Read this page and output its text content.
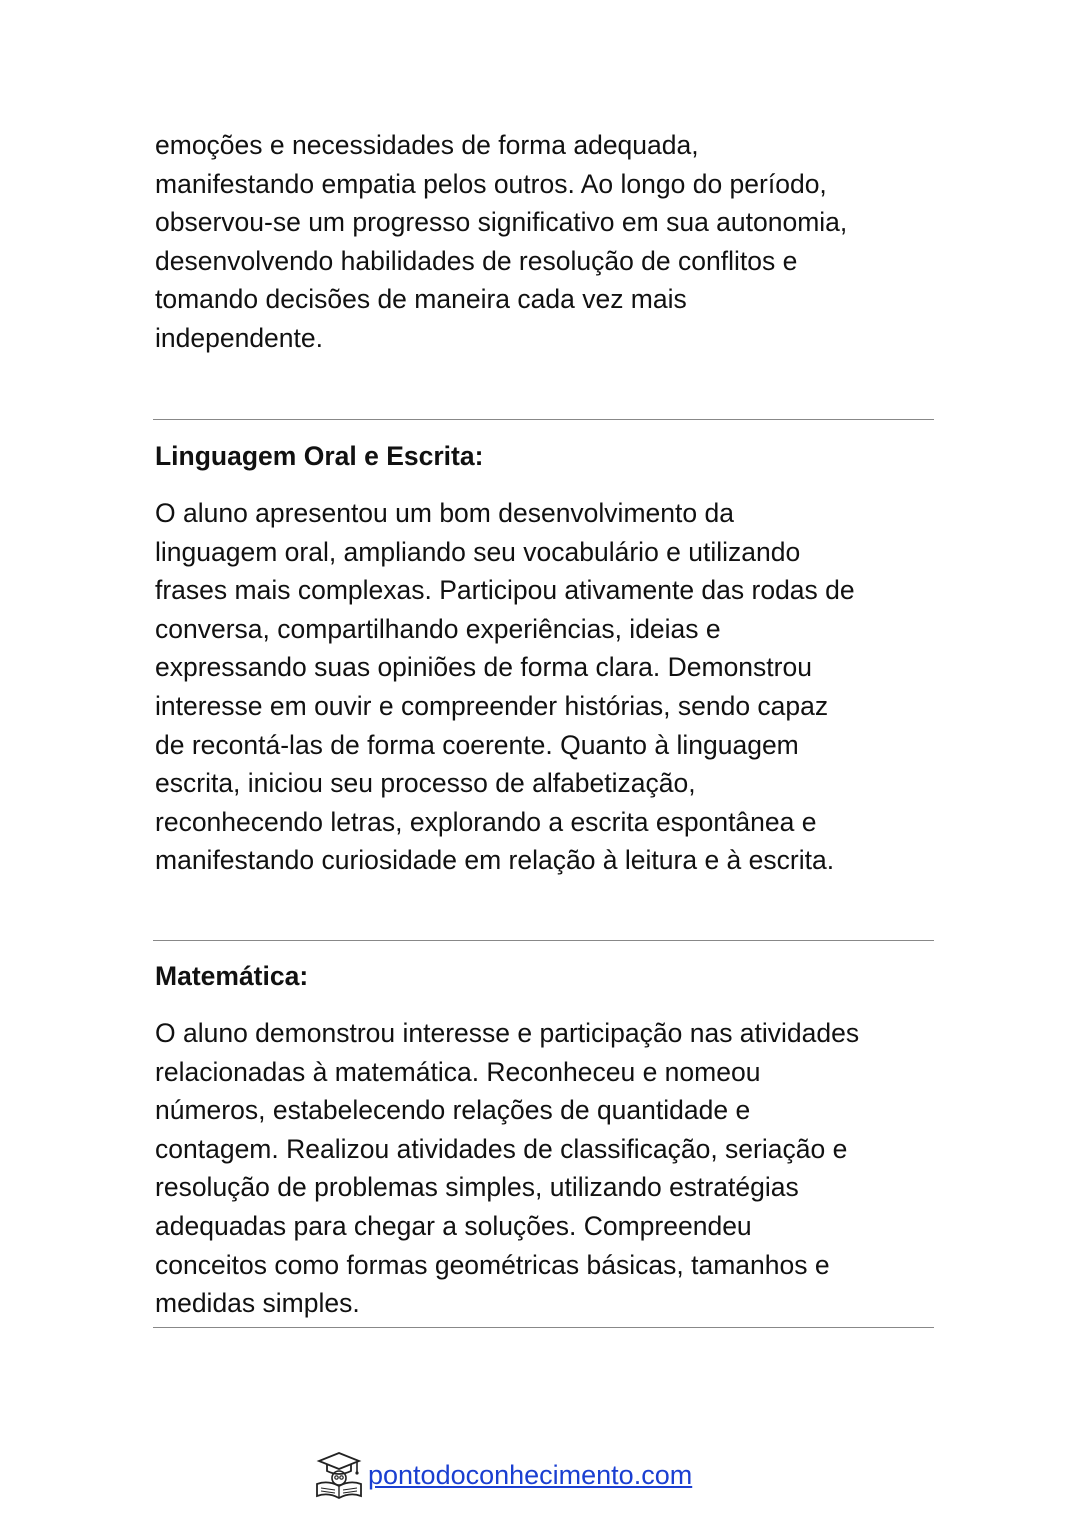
emoções e necessidades de forma adequada,
manifestando empatia pelos outros. Ao longo do período,
observou-se um progresso significativo em sua autonomia,
desenvolvendo habilidades de resolução de conflitos e
tomando decisões de maneira cada vez mais
independente.

Linguagem Oral e Escrita:

O aluno apresentou um bom desenvolvimento da
linguagem oral, ampliando seu vocabulário e utilizando
frases mais complexas. Participou ativamente das rodas de
conversa, compartilhando experiências, ideias e
expressando suas opiniões de forma clara. Demonstrou
interesse em ouvir e compreender histórias, sendo capaz
de recontá-las de forma coerente. Quanto à linguagem
escrita, iniciou seu processo de alfabetização,
reconhecendo letras, explorando a escrita espontânea e
manifestando curiosidade em relação à leitura e à escrita.

Matemática:

O aluno demonstrou interesse e participação nas atividades
relacionadas à matemática. Reconheceu e nomeou
números, estabelecendo relações de quantidade e
contagem. Realizou atividades de classificação, seriação e
resolução de problemas simples, utilizando estratégias
adequadas para chegar a soluções. Compreendeu
conceitos como formas geométricas básicas, tamanhos e
medidas simples.

pontodoconhecimento.com
